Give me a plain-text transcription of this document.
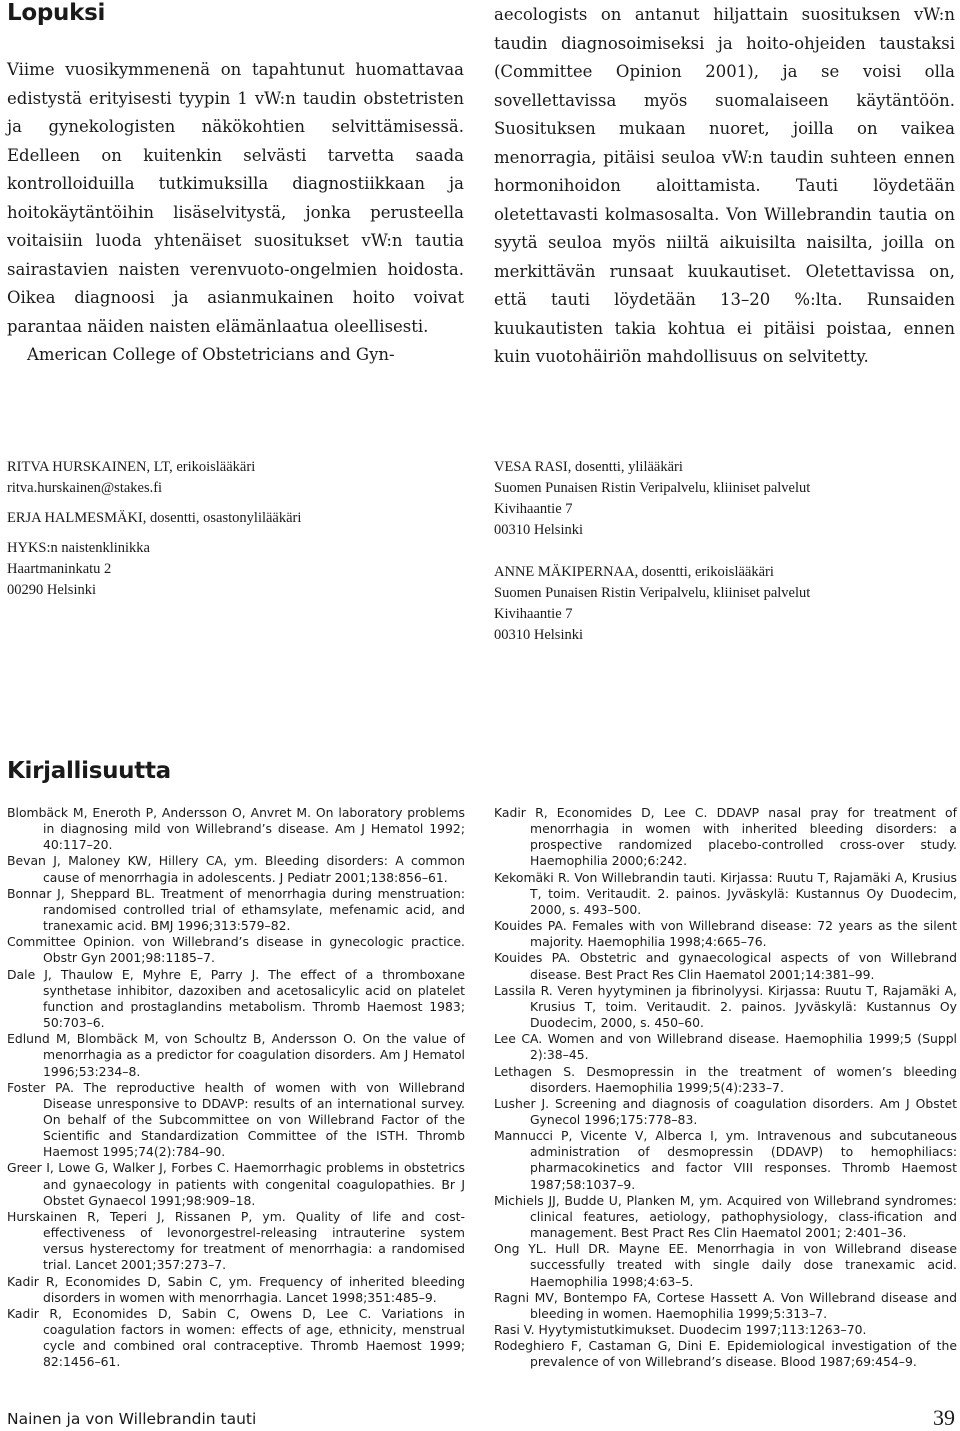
Lopuksi

Viime vuosikymmenenä on tapahtunut huomattavaa edistystä erityisesti tyypin 1 vW:n taudin obstetristen ja gynekologisten näkökohtien selvittämisessä. Edelleen on kuitenkin selvästi tarvetta saada kontrolloiduilla tutkimuksilla diagnostiikkaan ja hoitokäytäntöihin lisäselvitystä, jonka perusteella voitaisiin luoda yhtenäiset suositukset vW:n tautia sairastavien naisten verenvuoto-ongelmien hoidosta. Oikea diagnoosi ja asianmukainen hoito voivat parantaa näiden naisten elämänlaatua oleellisesti.

American College of Obstetricians and Gyn-

aecologists on antanut hiljattain suosituksen vW:n taudin diagnosoimiseksi ja hoito-ohjeiden taustaksi (Committee Opinion 2001), ja se voisi olla sovellettavissa myös suomalaiseen käytäntöön. Suosituksen mukaan nuoret, joilla on vaikea menorragia, pitäisi seuloa vW:n taudin suhteen ennen hormonihoidon aloittamista. Tauti löydetään oletettavasti kolmasosalta. Von Willebrandin tautia on syytä seuloa myös niiltä aikuisilta naisilta, joilla on merkittävän runsaat kuukautiset. Oletettavissa on, että tauti löydetään 13–20 %:lta. Runsaiden kuukautisten takia kohtua ei pitäisi poistaa, ennen kuin vuotohäiriön mahdollisuus on selvitetty.

RITVA HURSKAINEN, LT, erikoislääkäri
ritva.hurskainen@stakes.fi
ERJA HALMESMÄKI, dosentti, osastonylilääkäri
HYKS:n naistenklinikka
Haartmaninkatu 2
00290 Helsinki
VESA RASI, dosentti, ylilääkäri
Suomen Punaisen Ristin Veripalvelu, kliiniset palvelut
Kivihaantie 7
00310 Helsinki
ANNE MÄKIPERNAA, dosentti, erikoislääkäri
Suomen Punaisen Ristin Veripalvelu, kliiniset palvelut
Kivihaantie 7
00310 Helsinki
Kirjallisuutta
Blombäck M, Eneroth P, Andersson O, Anvret M. On laboratory problems in diagnosing mild von Willebrand’s disease. Am J Hematol 1992; 40:117–20.
Bevan J, Maloney KW, Hillery CA, ym. Bleeding disorders: A common cause of menorrhagia in adolescents. J Pediatr 2001;138:856–61.
Bonnar J, Sheppard BL. Treatment of menorrhagia during menstruation: randomised controlled trial of ethamsylate, mefenamic acid, and tranexamic acid. BMJ 1996;313:579–82.
Committee Opinion. von Willebrand’s disease in gynecologic practice. Obstr Gyn 2001;98:1185–7.
Dale J, Thaulow E, Myhre E, Parry J. The effect of a thromboxane synthetase inhibitor, dazoxiben and acetosalicylic acid on platelet function and prostaglandins metabolism. Thromb Haemost 1983; 50:703–6.
Edlund M, Blombäck M, von Schoultz B, Andersson O. On the value of menorrhagia as a predictor for coagulation disorders. Am J Hematol 1996;53:234–8.
Foster PA. The reproductive health of women with von Willebrand Disease unresponsive to DDAVP: results of an international survey. On behalf of the Subcommittee on von Willebrand Factor of the Scientific and Standardization Committee of the ISTH. Thromb Haemost 1995;74(2):784–90.
Greer I, Lowe G, Walker J, Forbes C. Haemorrhagic problems in obstetrics and gynaecology in patients with congenital coagulopathies. Br J Obstet Gynaecol 1991;98:909–18.
Hurskainen R, Teperi J, Rissanen P, ym. Quality of life and cost-effectiveness of levonorgestrel-releasing intrauterine system versus hysterectomy for treatment of menorrhagia: a randomised trial. Lancet 2001;357:273–7.
Kadir R, Economides D, Sabin C, ym. Frequency of inherited bleeding disorders in women with menorrhagia. Lancet 1998;351:485–9.
Kadir R, Economides D, Sabin C, Owens D, Lee C. Variations in coagulation factors in women: effects of age, ethnicity, menstrual cycle and combined oral contraceptive. Thromb Haemost 1999; 82:1456–61.
Kadir R, Economides D, Lee C. DDAVP nasal pray for treatment of menorrhagia in women with inherited bleeding disorders: a prospective randomized placebo-controlled cross-over study. Haemophilia 2000;6:242.
Kekomäki R. Von Willebrandin tauti. Kirjassa: Ruutu T, Rajamäki A, Krusius T, toim. Veritaudit. 2. painos. Jyväskylä: Kustannus Oy Duodecim, 2000, s. 493–500.
Kouides PA. Females with von Willebrand disease: 72 years as the silent majority. Haemophilia 1998;4:665–76.
Kouides PA. Obstetric and gynaecological aspects of von Willebrand disease. Best Pract Res Clin Haematol 2001;14:381–99.
Lassila R. Veren hyytyminen ja fibrinolyysi. Kirjassa: Ruutu T, Rajamäki A, Krusius T, toim. Veritaudit. 2. painos. Jyväskylä: Kustannus Oy Duodecim, 2000, s. 450–60.
Lee CA. Women and von Willebrand disease. Haemophilia 1999;5 (Suppl 2):38–45.
Lethagen S. Desmopressin in the treatment of women’s bleeding disorders. Haemophilia 1999;5(4):233–7.
Lusher J. Screening and diagnosis of coagulation disorders. Am J Obstet Gynecol 1996;175:778–83.
Mannucci P, Vicente V, Alberca I, ym. Intravenous and subcutaneous administration of desmopressin (DDAVP) to hemophiliacs: pharmacokinetics and factor VIII responses. Thromb Haemost 1987;58:1037–9.
Michiels JJ, Budde U, Planken M, ym. Acquired von Willebrand syndromes: clinical features, aetiology, pathophysiology, class-ification and management. Best Pract Res Clin Haematol 2001; 2:401–36.
Ong YL. Hull DR. Mayne EE. Menorrhagia in von Willebrand disease successfully treated with single daily dose tranexamic acid. Haemophilia 1998;4:63–5.
Ragni MV, Bontempo FA, Cortese Hassett A. Von Willebrand disease and bleeding in women. Haemophilia 1999;5:313–7.
Rasi V. Hyytymistutkimukset. Duodecim 1997;113:1263–70.
Rodeghiero F, Castaman G, Dini E. Epidemiological investigation of the prevalence of von Willebrand’s disease. Blood 1987;69:454–9.
Nainen ja von Willebrandin tauti	39
